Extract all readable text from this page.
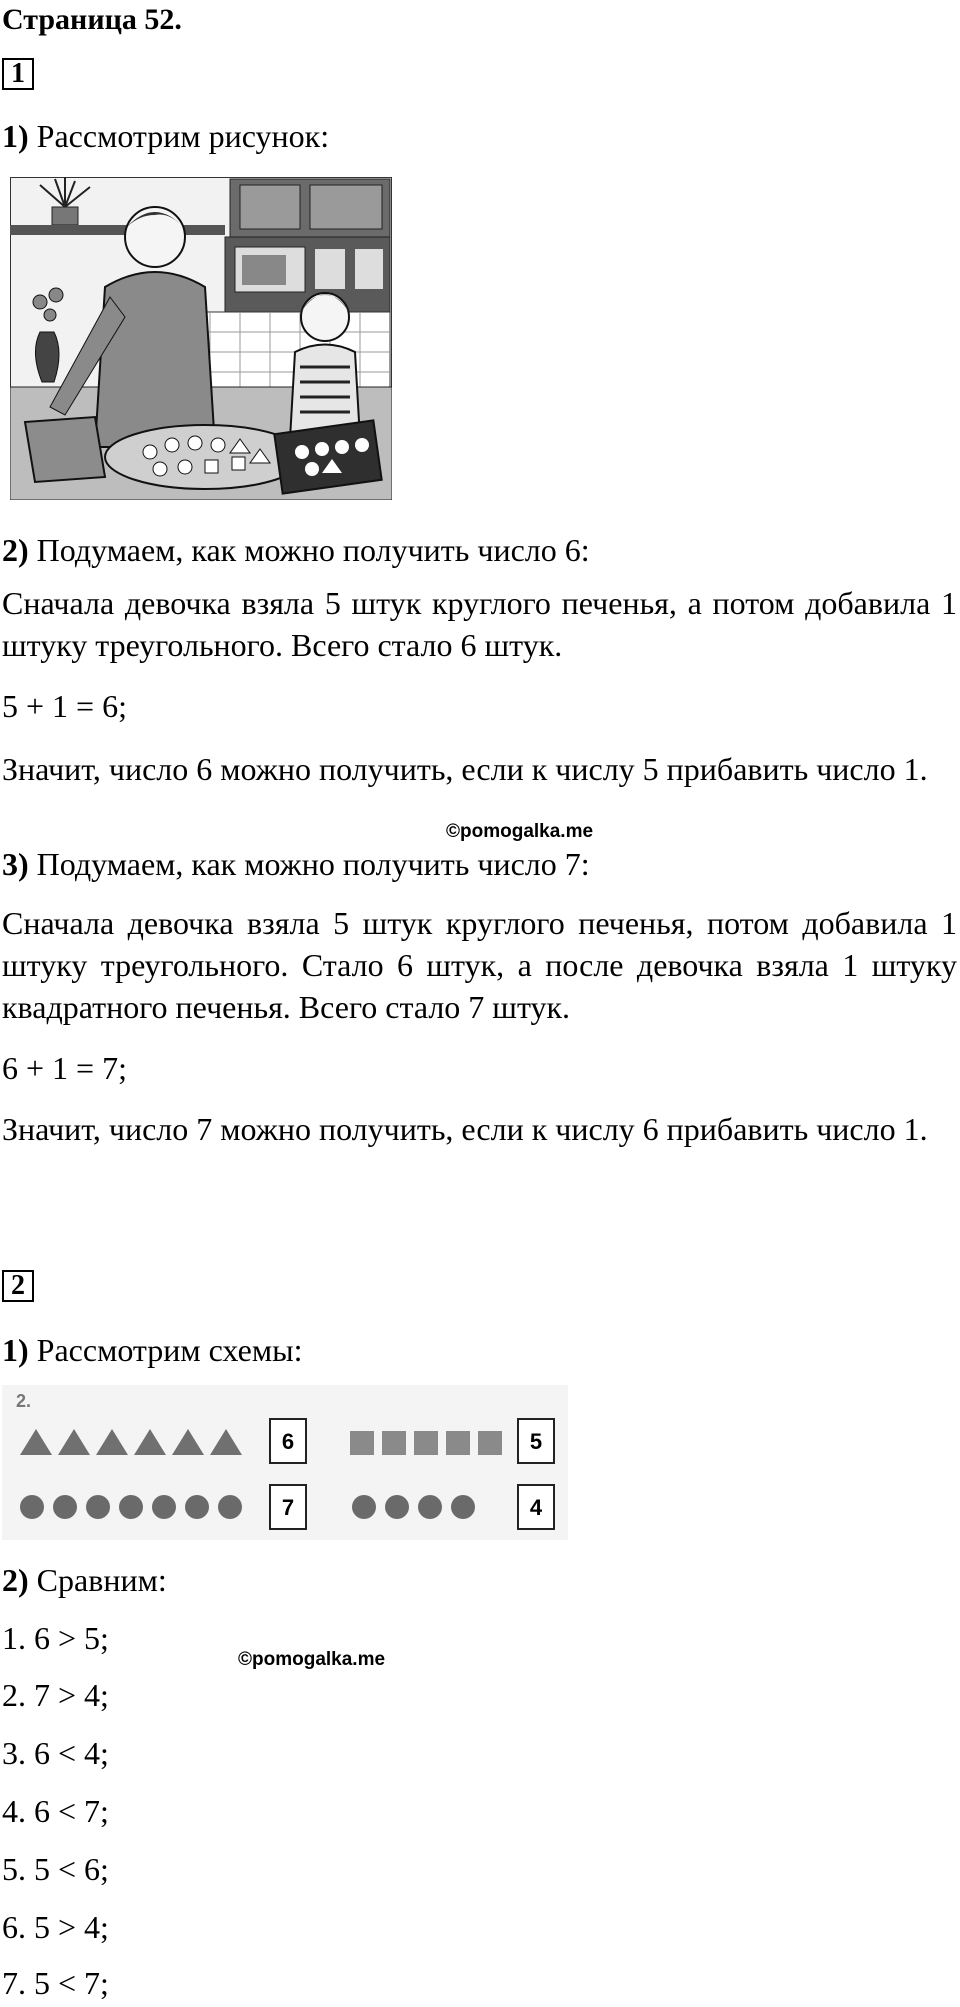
Страница 52.
1
1) Рассмотрим рисунок:
2) Подумаем, как можно получить число 6:
Сначала девочка взяла 5 штук круглого печенья, а потом добавила 1 штуку треугольного. Всего стало 6 штук.
5 + 1 = 6;
Значит, число 6 можно получить, если к числу 5 прибавить число 1.
©pomogalka.me
3) Подумаем, как можно получить число 7:
Сначала девочка взяла 5 штук круглого печенья, потом добавила 1 штуку треугольного. Стало 6 штук, а после девочка взяла 1 штуку квадратного печенья. Всего стало 7 штук.
6 + 1 = 7;
Значит, число 7 можно получить, если к числу 6 прибавить число 1.
2
1) Рассмотрим схемы:
2.
6	5
7	4
2) Сравним:
©pomogalka.me
1. 6 > 5;
2. 7 > 4;
3. 6 < 4;
4. 6 < 7;
5. 5 < 6;
6. 5 > 4;
7. 5 < 7;
